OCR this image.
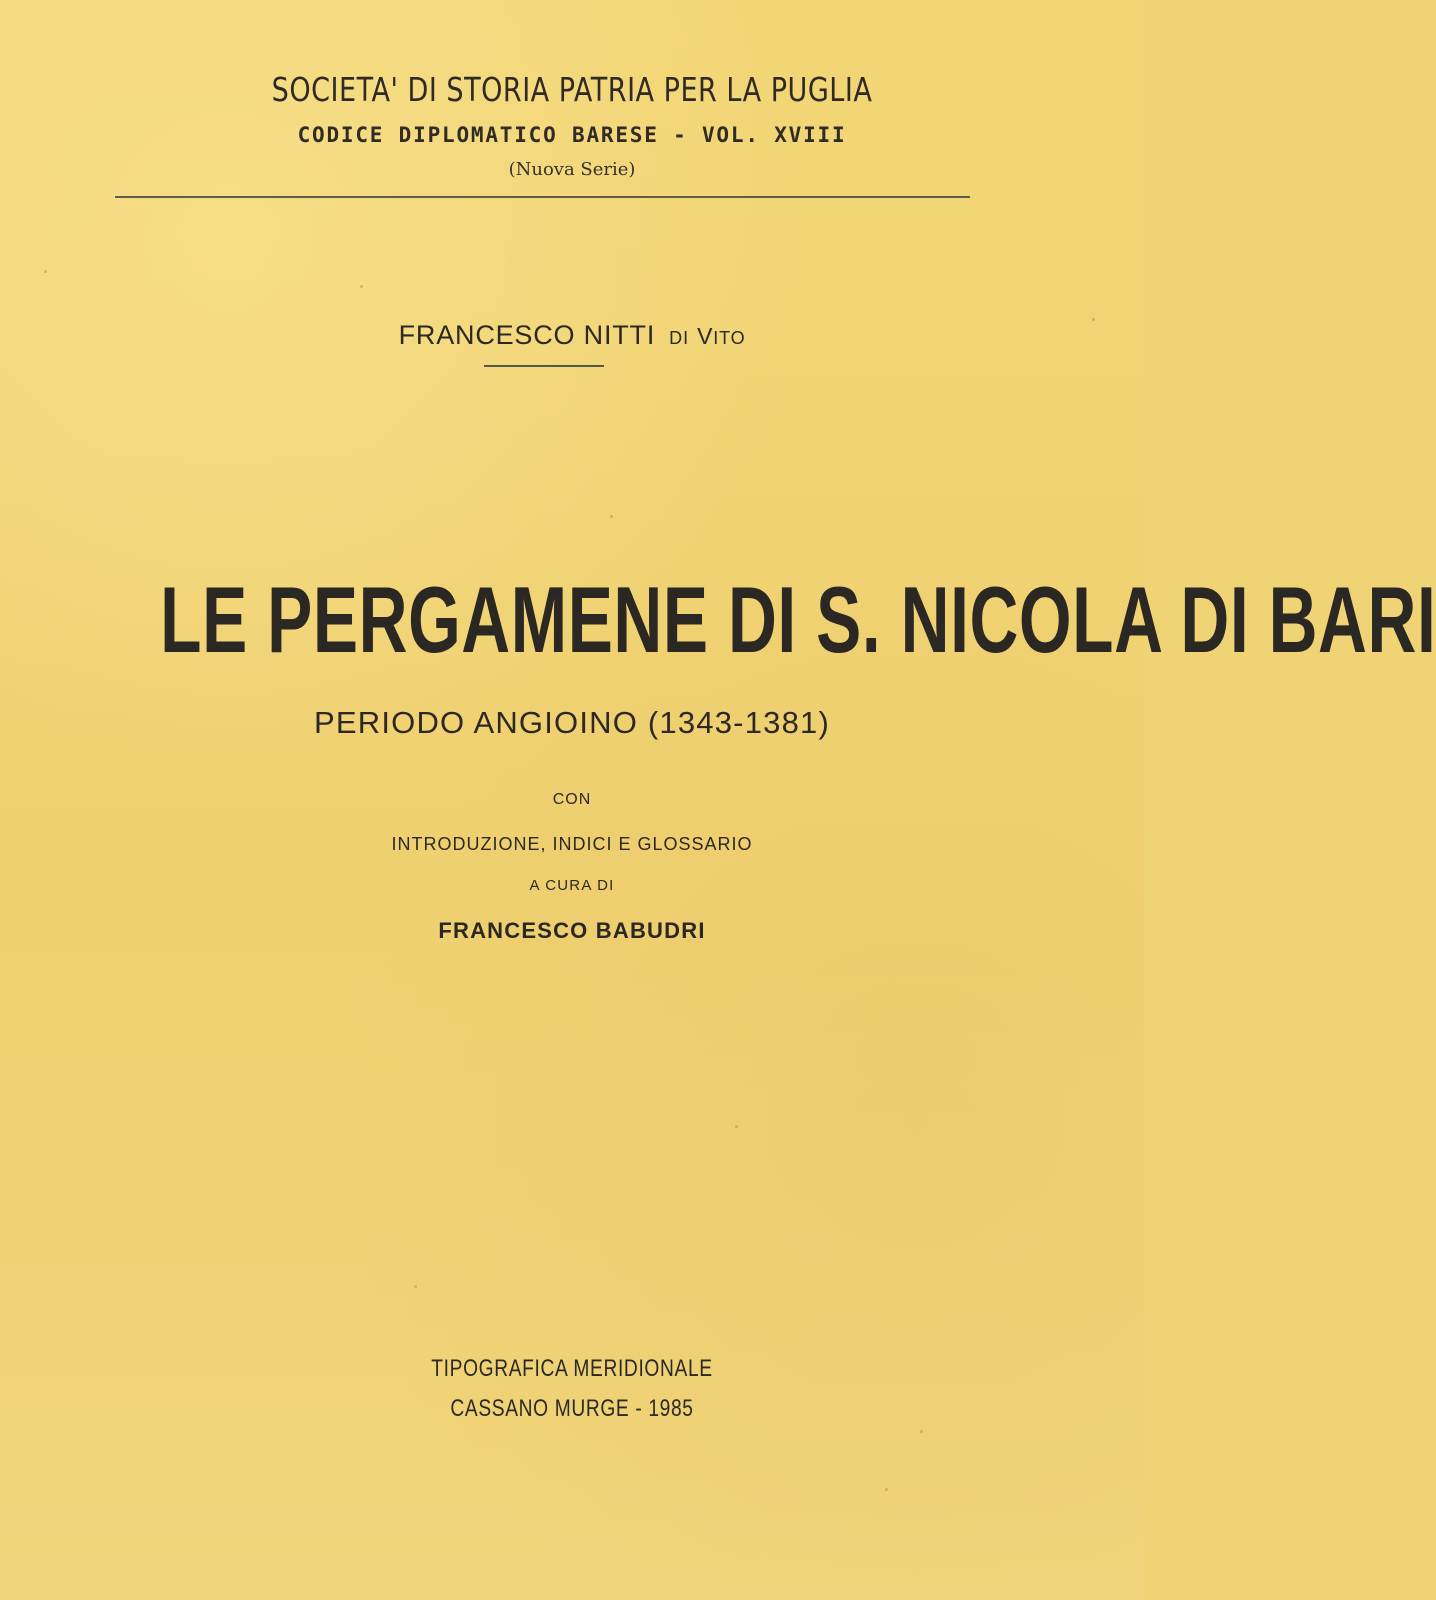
SOCIETA' DI STORIA PATRIA PER LA PUGLIA
CODICE DIPLOMATICO BARESE - VOL. XVIII
(Nuova Serie)
FRANCESCO NITTI DI VITO
LE PERGAMENE DI S. NICOLA DI BARI
PERIODO ANGIOINO (1343-1381)
CON
INTRODUZIONE, INDICI E GLOSSARIO
A CURA DI
FRANCESCO BABUDRI
TIPOGRAFICA MERIDIONALE
CASSANO MURGE - 1985
